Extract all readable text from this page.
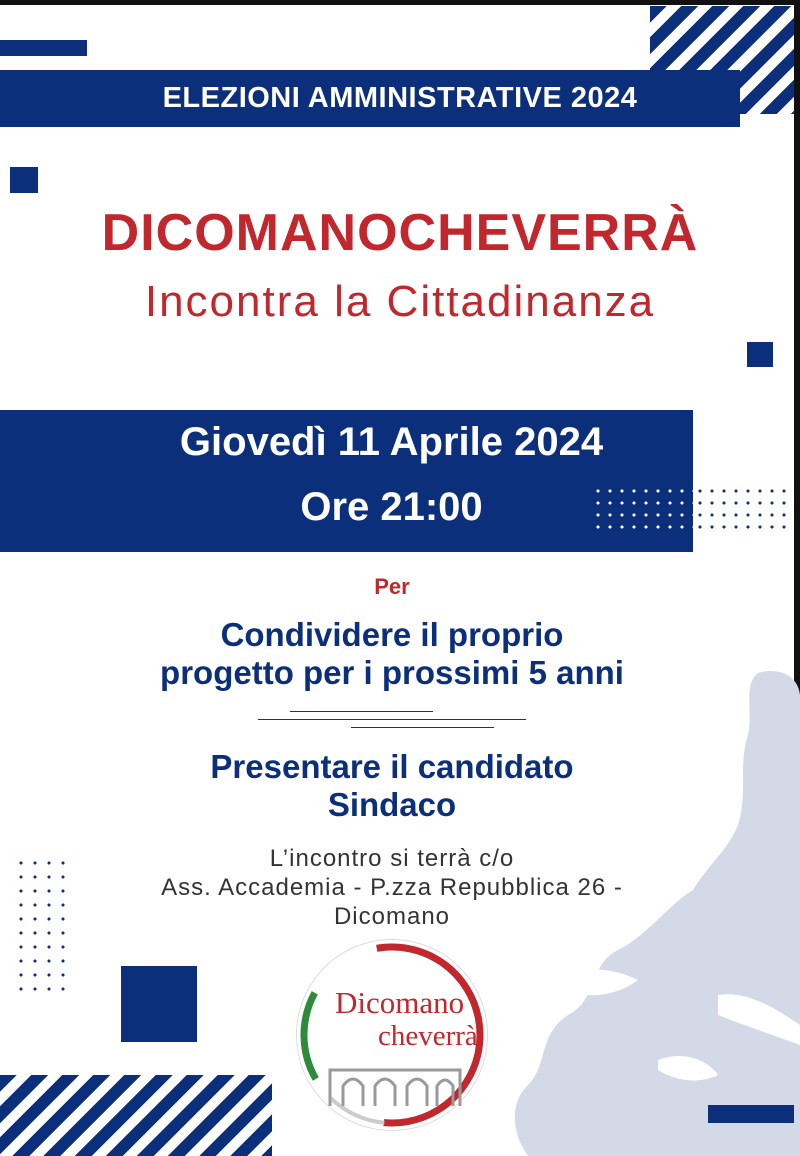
ELEZIONI AMMINISTRATIVE 2024
DICOMANOCHEVERRÀ
Incontra la Cittadinanza
Giovedì 11 Aprile 2024
Ore 21:00
Per
Condividere il proprio
progetto per i prossimi 5 anni
Presentare il candidato
Sindaco
L’incontro si terrà c/o
Ass. Accademia - P.zza Repubblica 26 -
Dicomano
Dicomano
cheverrà
